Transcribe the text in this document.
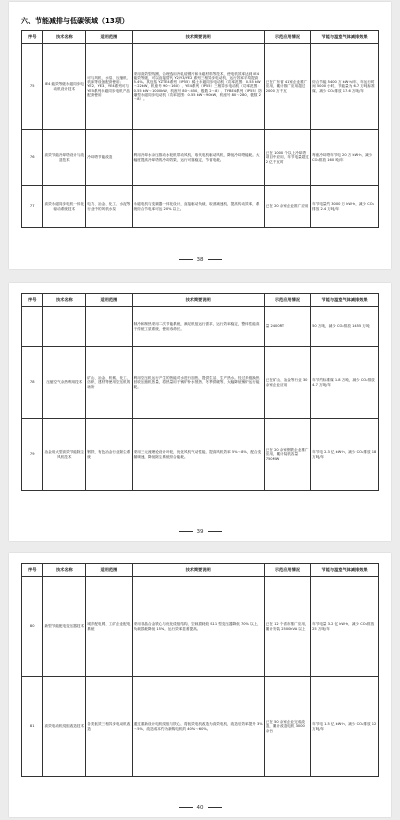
六、节能减排与低碳领域（13项）
序号	技术名称	适用范围	技术简要说明	示范应用情况	节能与温室气体减排效果
75	IE4 能效等级永磁同步电动机设计技术	可与风机、水泵、压缩机、机床等设备配套使用；YE2、YE3、YE4系列可与YE5系列永磁同步电机产品配套使用	采用高效型线圈，合理选用冷轧硅钢片和永磁材料等技术，使电机效率达到 IE4 能效等级，可以直接替代 Y2/Y3/YE2 系列三相异步电动机，运行效率平均提高5.4%。其包括 YZTE4系列（IP55）稀土永磁同步电动机（功率范围：0.55 kW～22kW，机座号 90～160）、YE4系列（IP55）三相异步电动机（功率范围：0.55 kW～1000kW，机座号 80～450，极数 2～8）、TYBE4系列（IP55）防爆型永磁同步电动机（功率范围：0.55 kW～90kW，机座号 80～280，极数 2～8）。	已在广东省 41家企业推广应用，累计推广应用超过 2000 万千瓦	综合节能 5400 万 kW·h/年，年运行时间 5000 小时，节能量为 6.7 万吨标准煤，减少 CO₂排放 17.6 万吨/年
76	高效节能冷却塔设计与改造技术	冷却塔节能改造	利用冷却水余压推动水轮机带动风机，取代电机驱动风机，降低冷却塔能耗。大幅度提高冷却塔的冷却效果，运行可靠稳定，节省电耗。	已在 1000 个以上冷却塔项目中应用，年节电量超过 2 亿千瓦时	每座冷却塔年节电 20 万 kW·h，减少 CO₂排放 160 吨/年
77	高效永磁同步电机一体化驱动系统技术	电力、冶金、化工、水泥等行业中的风机水泵	永磁电机与变频器一体化设计，直接驱动负载，取消减速机，提高传动效率，系统综合节电率可达 20% 以上。	已在 20 余家企业推广应用	年节电量约 3000 万 kW·h，减少 CO₂排放 2.4 万吨/年
38
序号	技术名称	适用范围	技术简要说明	示范应用情况	节能与温室气体减排效果
			制冷和制热采用二次节能系统，满足机组运行需求，运行效率稳定，整体性能高于传统工质系统，使用寿命长。	量 2400RT	50 万吨，减少 CO₂排放 1455 万吨
78	压缩空气余热利用技术	矿山、冶金、机械、化工、纺织、建材等使用空压机的场所	利用空压机运行产生的热能对水进行加热，提供生活、生产热水。经过多级换热回收压缩机热量，将热量用于锅炉补水预热、冬季供暖等，大幅降低锅炉运行能耗。	已在矿山、冶金等行业 30 余家企业应用	年节约标准煤 1.8 万吨，减少 CO₂排放 4.7 万吨/年
79	冶金用大型高效节能除尘风机技术	钢铁、有色冶金行业除尘系统	采用三元流理论设计叶轮，优化风机气动性能，提高风机效率 5%～8%，配合变频调速，降低除尘系统综合能耗。	已在 20 余家钢铁企业推广应用，累计装机容量 750MW	年节电 2.3 亿 kW·h，减少 CO₂排放 18 万吨/年
39
序号	技术名称	适用范围	技术简要说明	示范应用情况	节能与温室气体减排效果
80	新型节能配电变压器技术	城乡配电网、工矿企业配电系统	采用非晶合金铁心与优化绕组结构，空载损耗较 S11 型变压器降低 70% 以上，负载损耗降低 15%，运行效率显著提高。	已在 12 个省市推广应用，累计安装 2500kVA 以上	年节电量 3.2 亿 kW·h，减少 CO₂排放 25 万吨/年
81	高效电动机绕组改造技术	各类低效三相异步电动机改造	通过重新设计电机绕组与铁心，将低效电机改造为高效电机，改造后效率提升 3%～5%，改造成本约为新购电机的 40%～60%。	已在 50 余家企业完成改造，累计改造电机 3000 余台	年节电 1.5 亿 kW·h，减少 CO₂排放 12 万吨/年
40
